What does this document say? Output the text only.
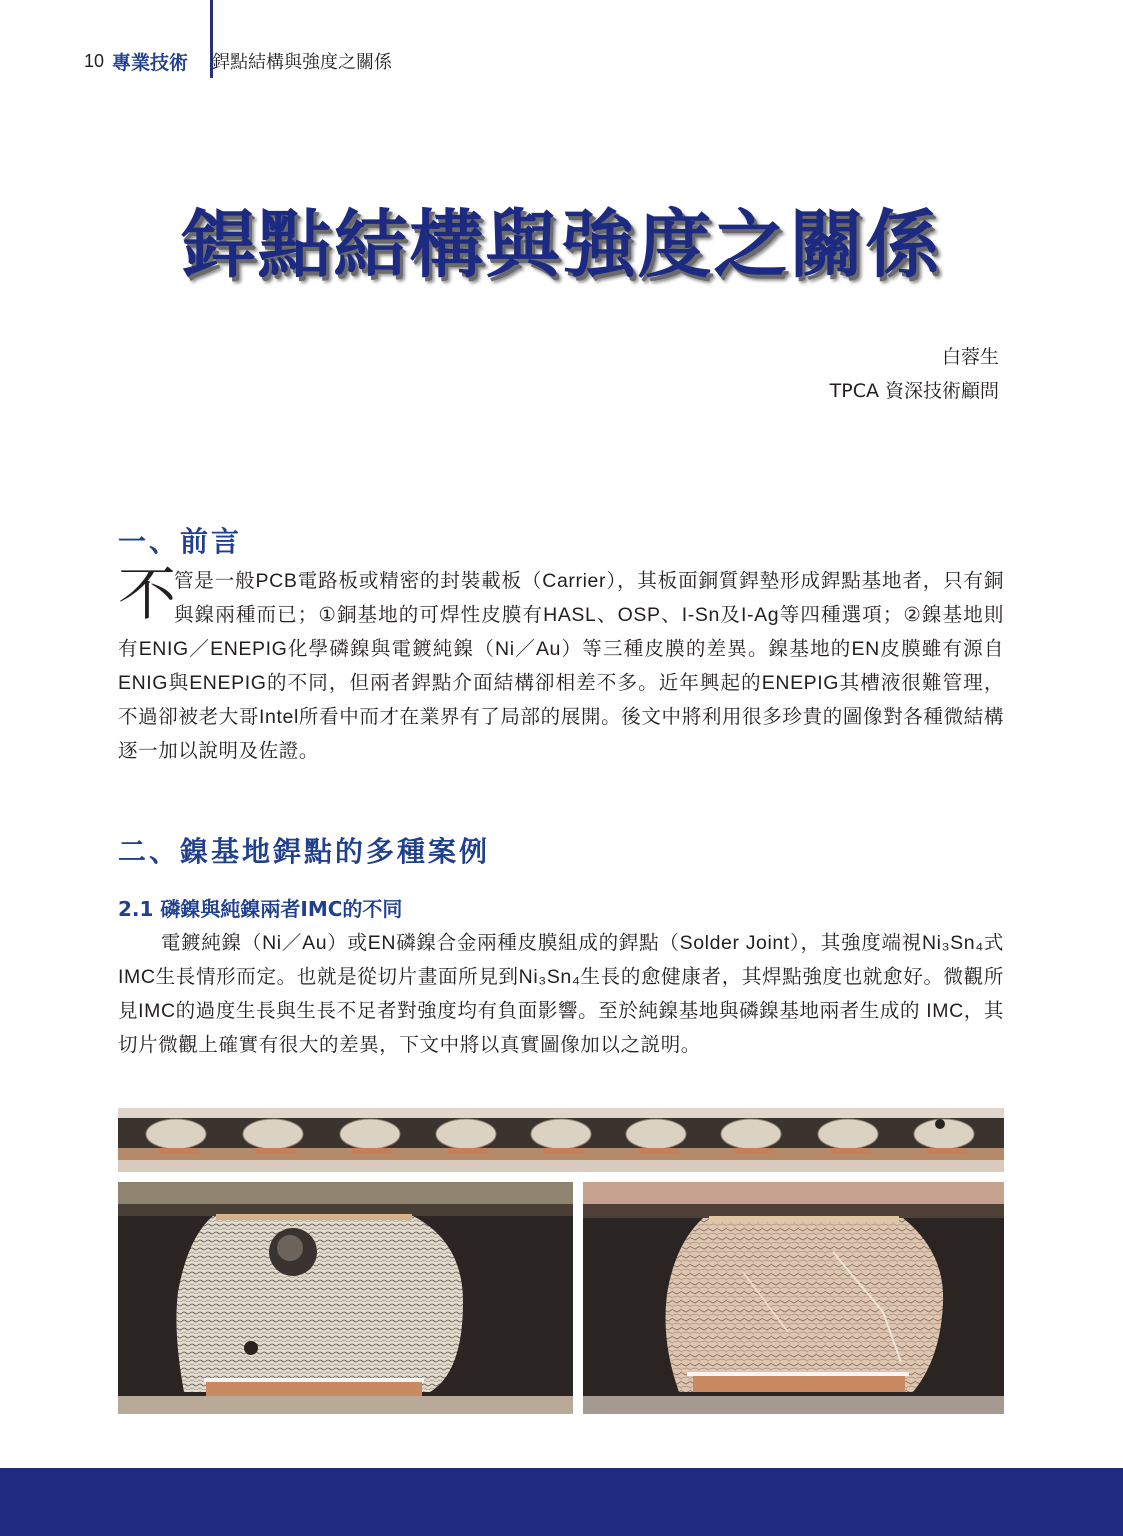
10 專業技術 銲點結構與強度之關係
銲點結構與強度之關係
白蓉生
TPCA 資深技術顧問
一、前言
不
管是一般PCB電路板或精密的封裝載板（Carrier），其板面銅質銲墊形成銲點基地者，只有銅與鎳兩種而已；①銅基地的可焊性皮膜有HASL、OSP、I-Sn及I-Ag等四種選項；②鎳基地則有ENIG／ENEPIG化學磷鎳與電鍍純鎳（Ni／Au）等三種皮膜的差異。鎳基地的EN皮膜雖有源自ENIG與ENEPIG的不同，但兩者銲點介面結構卻相差不多。近年興起的ENEPIG其槽液很難管理，不過卻被老大哥Intel所看中而才在業界有了局部的展開。後文中將利用很多珍貴的圖像對各種微結構逐一加以說明及佐證。
二、鎳基地銲點的多種案例
2.1 磷鎳與純鎳兩者IMC的不同
電鍍純鎳（Ni／Au）或EN磷鎳合金兩種皮膜組成的銲點（Solder Joint），其強度端視Ni₃Sn₄式IMC生長情形而定。也就是從切片畫面所見到Ni₃Sn₄生長的愈健康者，其焊點強度也就愈好。微觀所見IMC的過度生長與生長不足者對強度均有負面影響。至於純鎳基地與磷鎳基地兩者生成的 IMC，其切片微觀上確實有很大的差異，下文中將以真實圖像加以之説明。
